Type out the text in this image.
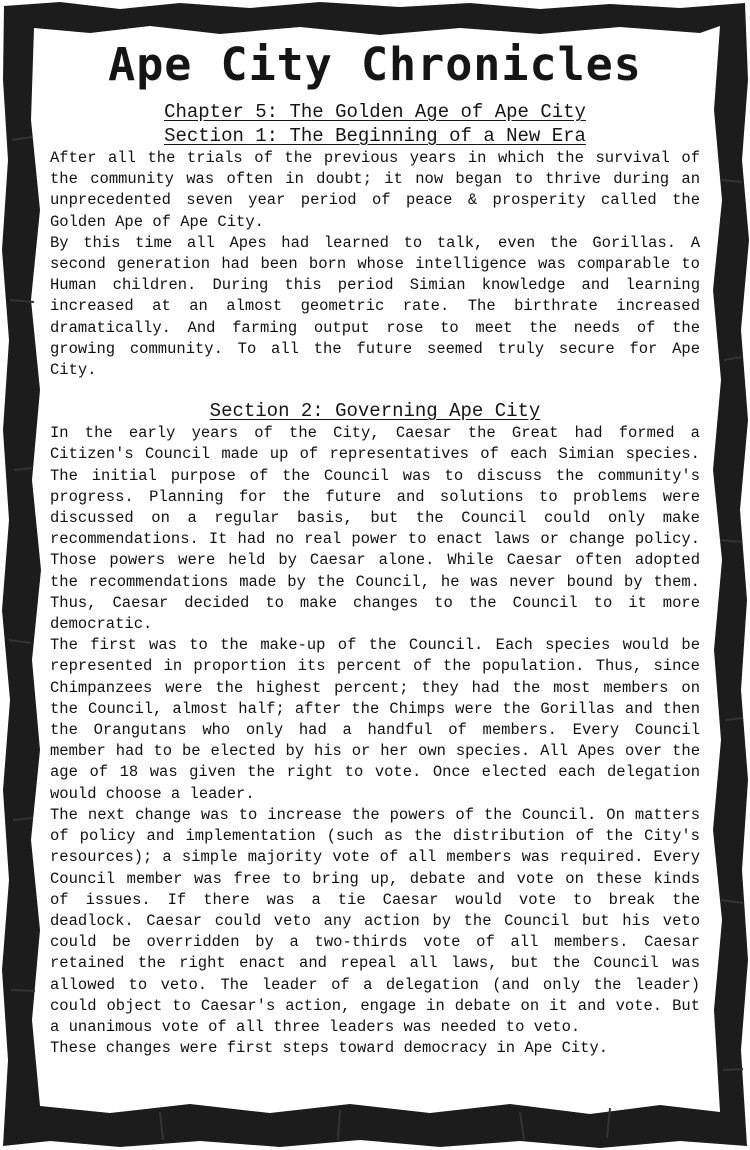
Ape City Chronicles
Chapter 5: The Golden Age of Ape City
Section 1: The Beginning of a New Era

After all the trials of the previous years in which the survival of the community was often in doubt; it now began to thrive during an unprecedented seven year period of peace & prosperity called the Golden Ape of Ape City.

By this time all Apes had learned to talk, even the Gorillas. A second generation had been born whose intelligence was comparable to Human children. During this period Simian knowledge and learning increased at an almost geometric rate. The birthrate increased dramatically. And farming output rose to meet the needs of the growing community. To all the future seemed truly secure for Ape City.

Section 2: Governing Ape City

In the early years of the City, Caesar the Great had formed a Citizen's Council made up of representatives of each Simian species. The initial purpose of the Council was to discuss the community's progress. Planning for the future and solutions to problems were discussed on a regular basis, but the Council could only make recommendations. It had no real power to enact laws or change policy. Those powers were held by Caesar alone. While Caesar often adopted the recommendations made by the Council, he was never bound by them. Thus, Caesar decided to make changes to the Council to it more democratic.

The first was to the make-up of the Council. Each species would be represented in proportion its percent of the population. Thus, since Chimpanzees were the highest percent; they had the most members on the Council, almost half; after the Chimps were the Gorillas and then the Orangutans who only had a handful of members. Every Council member had to be elected by his or her own species. All Apes over the age of 18 was given the right to vote. Once elected each delegation would choose a leader.

The next change was to increase the powers of the Council. On matters of policy and implementation (such as the distribution of the City's resources); a simple majority vote of all members was required. Every Council member was free to bring up, debate and vote on these kinds of issues. If there was a tie Caesar would vote to break the deadlock. Caesar could veto any action by the Council but his veto could be overridden by a two-thirds vote of all members. Caesar retained the right enact and repeal all laws, but the Council was allowed to veto. The leader of a delegation (and only the leader) could object to Caesar's action, engage in debate on it and vote. But a unanimous vote of all three leaders was needed to veto.

These changes were first steps toward democracy in Ape City.
